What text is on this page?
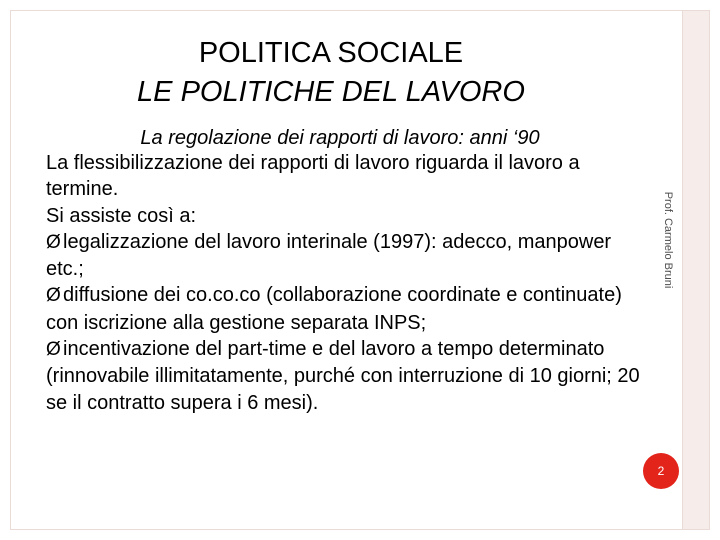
POLITICA SOCIALE
LE POLITICHE DEL LAVORO
La regolazione dei rapporti di lavoro: anni ‘90

La flessibilizzazione dei rapporti di lavoro riguarda il lavoro a termine.

Si assiste così a:

Ø legalizzazione del lavoro interinale (1997): adecco, manpower etc.;

Ø diffusione dei co.co.co (collaborazione coordinate e continuate) con iscrizione alla gestione separata INPS;

Ø incentivazione del part-time e del lavoro a tempo determinato (rinnovabile illimitatamente, purché con interruzione di 10 giorni; 20 se il contratto supera i 6 mesi).

Prof. Carmelo Bruni
2
